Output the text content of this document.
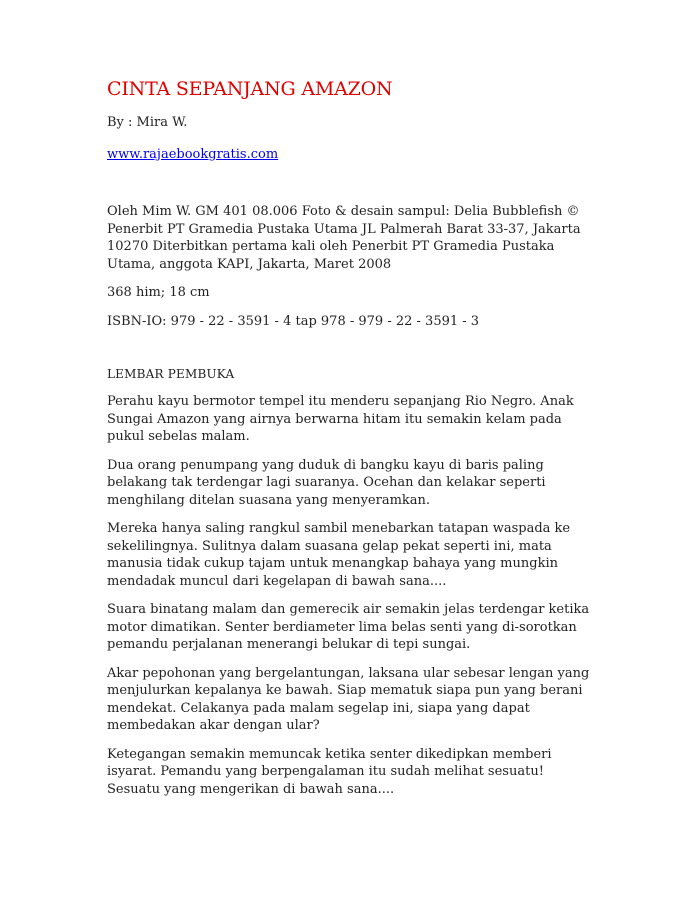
CINTA SEPANJANG AMAZON
By : Mira W.
www.rajaebookgratis.com

Oleh Mim W. GM 401 08.006 Foto & desain sampul: Delia Bubblefish © Penerbit PT Gramedia Pustaka Utama JL Palmerah Barat 33-37, Jakarta 10270 Diterbitkan pertama kali oleh Penerbit PT Gramedia Pustaka Utama, anggota KAPI, Jakarta, Maret 2008

368 him; 18 cm

ISBN-IO: 979 - 22 - 3591 - 4 tap 978 - 979 - 22 - 3591 - 3

LEMBAR PEMBUKA

Perahu kayu bermotor tempel itu menderu sepanjang Rio Negro. Anak Sungai Amazon yang airnya berwarna hitam itu semakin kelam pada pukul sebelas malam.

Dua orang penumpang yang duduk di bangku kayu di baris paling belakang tak terdengar lagi suaranya. Ocehan dan kelakar seperti menghilang ditelan suasana yang menyeramkan.

Mereka hanya saling rangkul sambil menebarkan tatapan waspada ke sekelilingnya. Sulitnya dalam suasana gelap pekat seperti ini, mata manusia tidak cukup tajam untuk menangkap bahaya yang mungkin mendadak muncul dari kegelapan di bawah sana....

Suara binatang malam dan gemerecik air semakin jelas terdengar ketika motor dimatikan. Senter berdiameter lima belas senti yang di-sorotkan pemandu perjalanan menerangi belukar di tepi sungai.

Akar pepohonan yang bergelantungan, laksana ular sebesar lengan yang menjulurkan kepalanya ke bawah. Siap mematuk siapa pun yang berani mendekat. Celakanya pada malam segelap ini, siapa yang dapat membedakan akar dengan ular?

Ketegangan semakin memuncak ketika senter dikedipkan memberi isyarat. Pemandu yang berpengalaman itu sudah melihat sesuatu! Sesuatu yang mengerikan di bawah sana....
